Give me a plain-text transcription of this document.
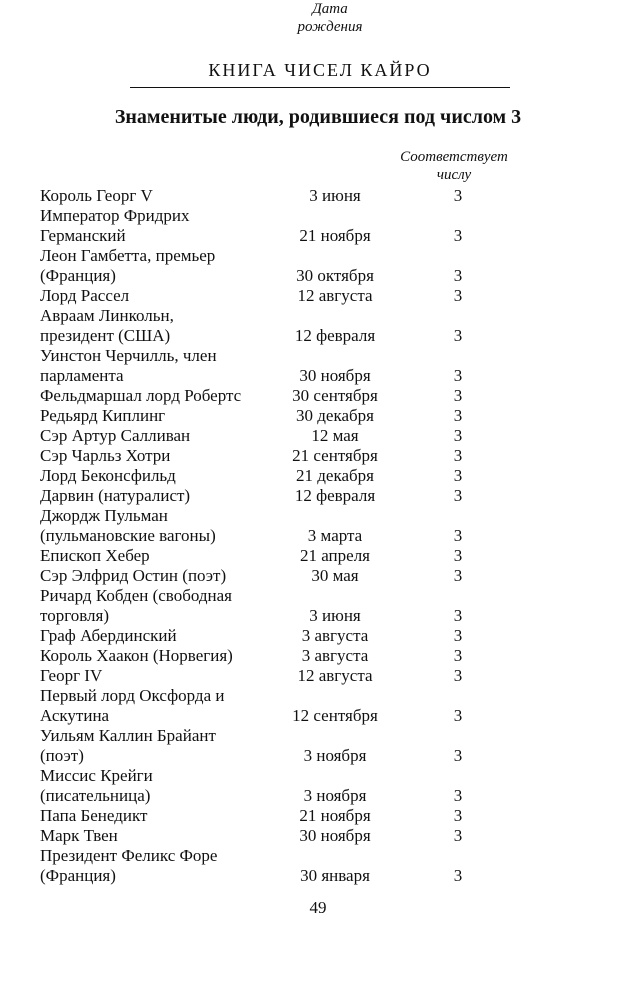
КНИГА ЧИСЕЛ КАЙРО
Знаменитые люди, родившиеся под числом 3
Дата рождения
Соответствует числу
Король Георг V	3 июня	3
Император Фридрих
Германский	21 ноября	3
Леон Гамбетта, премьер
(Франция)	30 октября	3
Лорд Рассел	12 августа	3
Авраам Линкольн,
президент (США)	12 февраля	3
Уинстон Черчилль, член
парламента	30 ноября	3
Фельдмаршал лорд Робертс	30 сентября	3
Редьярд Киплинг	30 декабря	3
Сэр Артур Салливан	12 мая	3
Сэр Чарльз Хотри	21 сентября	3
Лорд Беконсфильд	21 декабря	3
Дарвин (натуралист)	12 февраля	3
Джордж Пульман
(пульмановские вагоны)	3 марта	3
Епископ Хебер	21 апреля	3
Сэр Элфрид Остин (поэт)	30 мая	3
Ричард Кобден (свободная
торговля)	3 июня	3
Граф Абердинский	3 августа	3
Король Хаакон (Норвегия)	3 августа	3
Георг IV	12 августа	3
Первый лорд Оксфорда и
Аскутина	12 сентября	3
Уильям Каллин Брайант
(поэт)	3 ноября	3
Миссис Крейги
(писательница)	3 ноября	3
Папа Бенедикт	21 ноября	3
Марк Твен	30 ноября	3
Президент Феликс Форе
(Франция)	30 января	3
49
